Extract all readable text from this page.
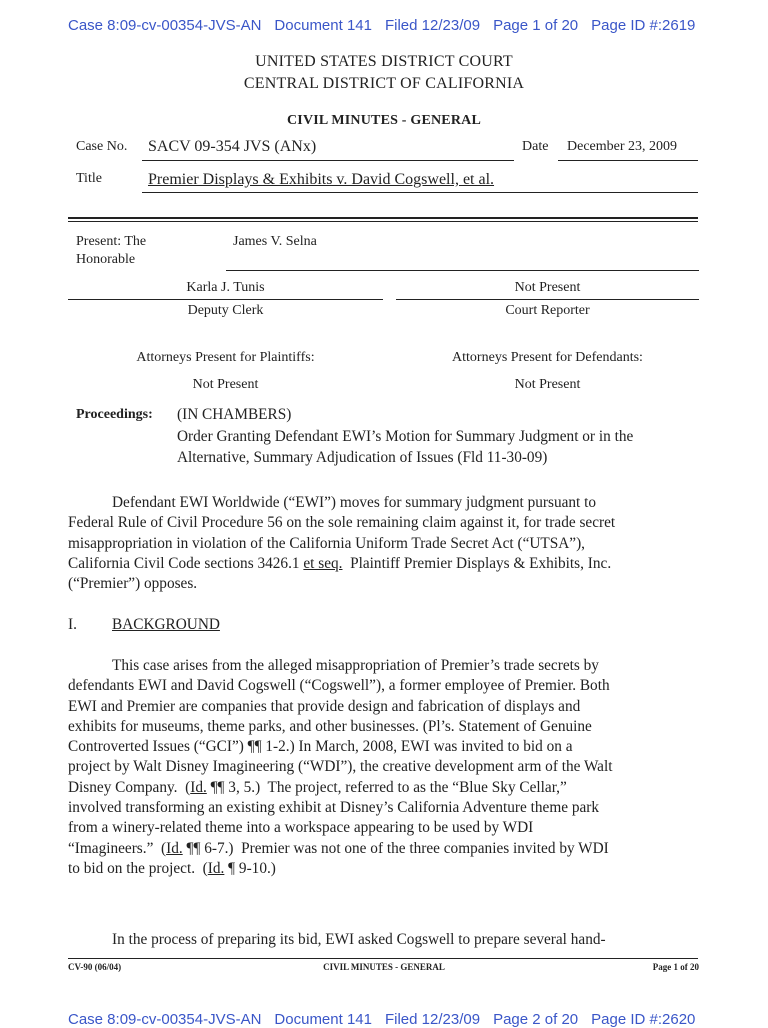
Case 8:09-cv-00354-JVS-AN Document 141 Filed 12/23/09 Page 1 of 20 Page ID #:2619
UNITED STATES DISTRICT COURT
CENTRAL DISTRICT OF CALIFORNIA
CIVIL MINUTES - GENERAL
Case No. SACV 09-354 JVS (ANx)	Date December 23, 2009
Title	Premier Displays & Exhibits v. David Cogswell, et al.
Present: The
Honorable
James V. Selna
Karla J. Tunis
Deputy Clerk
Not Present
Court Reporter
Attorneys Present for Plaintiffs:	Attorneys Present for Defendants:
Not Present	Not Present
Proceedings: (IN CHAMBERS)
Order Granting Defendant EWI’s Motion for Summary Judgment or in the
Alternative, Summary Adjudication of Issues (Fld 11-30-09)
Defendant EWI Worldwide (“EWI”) moves for summary judgment pursuant to
Federal Rule of Civil Procedure 56 on the sole remaining claim against it, for trade secret
misappropriation in violation of the California Uniform Trade Secret Act (“UTSA”),
California Civil Code sections 3426.1 et seq.  Plaintiff Premier Displays & Exhibits, Inc.
(“Premier”) opposes.
I. BACKGROUND
This case arises from the alleged misappropriation of Premier’s trade secrets by
defendants EWI and David Cogswell (“Cogswell”), a former employee of Premier. Both
EWI and Premier are companies that provide design and fabrication of displays and
exhibits for museums, theme parks, and other businesses. (Pl’s. Statement of Genuine
Controverted Issues (“GCI”) ¶¶ 1-2.) In March, 2008, EWI was invited to bid on a
project by Walt Disney Imagineering (“WDI”), the creative development arm of the Walt
Disney Company.  (Id. ¶¶ 3, 5.)  The project, referred to as the “Blue Sky Cellar,”
involved transforming an existing exhibit at Disney’s California Adventure theme park
from a winery-related theme into a workspace appearing to be used by WDI
“Imagineers.”  (Id. ¶¶ 6-7.)  Premier was not one of the three companies invited by WDI
to bid on the project.  (Id. ¶ 9-10.)
In the process of preparing its bid, EWI asked Cogswell to prepare several hand-
CV-90 (06/04)	CIVIL MINUTES - GENERAL	Page 1 of 20
Case 8:09-cv-00354-JVS-AN Document 141 Filed 12/23/09 Page 2 of 20 Page ID #:2620
